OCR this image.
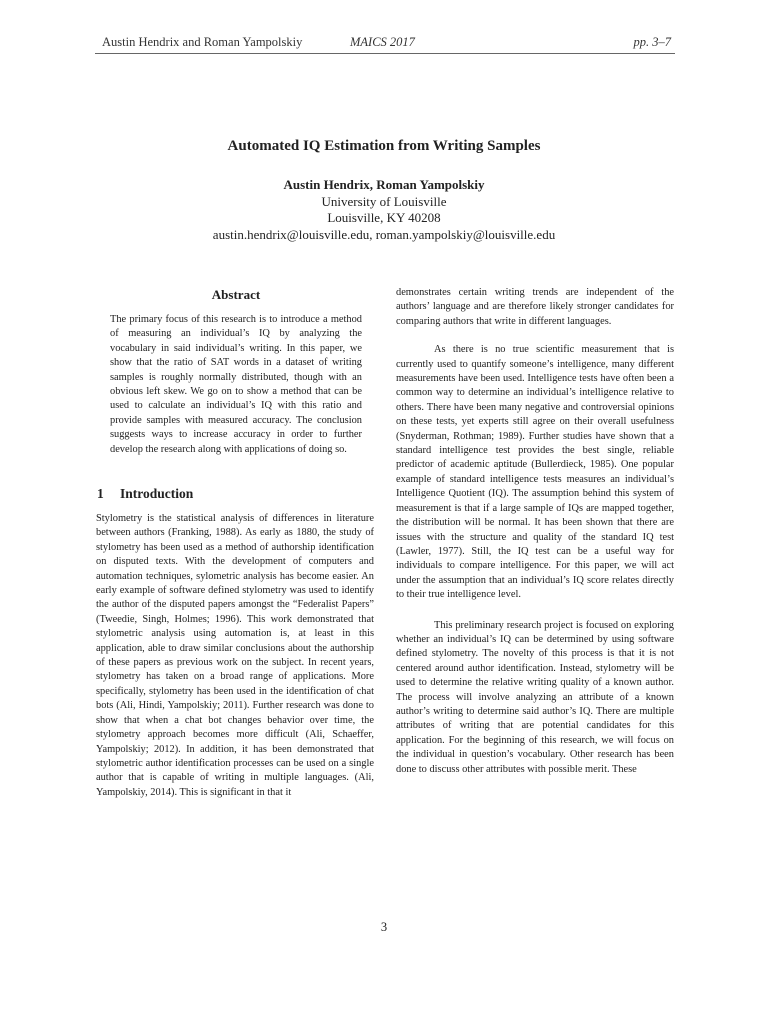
Austin Hendrix and Roman Yampolskiy	MAICS 2017	pp. 3–7
Automated IQ Estimation from Writing Samples
Austin Hendrix, Roman Yampolskiy
University of Louisville
Louisville, KY 40208
austin.hendrix@louisville.edu, roman.yampolskiy@louisville.edu
Abstract
The primary focus of this research is to introduce a method of measuring an individual’s IQ by analyzing the vocabulary in said individual’s writing. In this paper, we show that the ratio of SAT words in a dataset of writing samples is roughly normally distributed, though with an obvious left skew. We go on to show a method that can be used to calculate an individual’s IQ with this ratio and provide samples with measured accuracy. The conclusion suggests ways to increase accuracy in order to further develop the research along with applications of doing so.
1 Introduction

Stylometry is the statistical analysis of differences in literature between authors (Franking, 1988). As early as 1880, the study of stylometry has been used as a method of authorship identification on disputed texts. With the development of computers and automation techniques, sylometric analysis has become easier. An early example of software defined stylometry was used to identify the author of the disputed papers amongst the “Federalist Papers” (Tweedie, Singh, Holmes; 1996). This work demonstrated that stylometric analysis using automation is, at least in this application, able to draw similar conclusions about the authorship of these papers as previous work on the subject. In recent years, stylometry has taken on a broad range of applications. More specifically, stylometry has been used in the identification of chat bots (Ali, Hindi, Yampolskiy; 2011). Further research was done to show that when a chat bot changes behavior over time, the stylometry approach becomes more difficult (Ali, Schaeffer, Yampolskiy; 2012). In addition, it has been demonstrated that stylometric author identification processes can be used on a single author that is capable of writing in multiple languages. (Ali, Yampolskiy, 2014). This is significant in that it

demonstrates certain writing trends are independent of the authors’ language and are therefore likely stronger candidates for comparing authors that write in different languages.

As there is no true scientific measurement that is currently used to quantify someone’s intelligence, many different measurements have been used. Intelligence tests have often been a common way to determine an individual’s intelligence relative to others. There have been many negative and controversial opinions on these tests, yet experts still agree on their overall usefulness (Snyderman, Rothman; 1989). Further studies have shown that a standard intelligence test provides the best single, reliable predictor of academic aptitude (Bullerdieck, 1985). One popular example of standard intelligence tests measures an individual’s Intelligence Quotient (IQ). The assumption behind this system of measurement is that if a large sample of IQs are mapped together, the distribution will be normal. It has been shown that there are issues with the structure and quality of the standard IQ test (Lawler, 1977). Still, the IQ test can be a useful way for individuals to compare intelligence. For this paper, we will act under the assumption that an individual’s IQ score relates directly to their true intelligence level.

This preliminary research project is focused on exploring whether an individual’s IQ can be determined by using software defined stylometry. The novelty of this process is that it is not centered around author identification. Instead, stylometry will be used to determine the relative writing quality of a known author. The process will involve analyzing an attribute of a known author’s writing to determine said author’s IQ. There are multiple attributes of writing that are potential candidates for this application. For the beginning of this research, we will focus on the individual in question’s vocabulary. Other research has been done to discuss other attributes with possible merit. These

3
